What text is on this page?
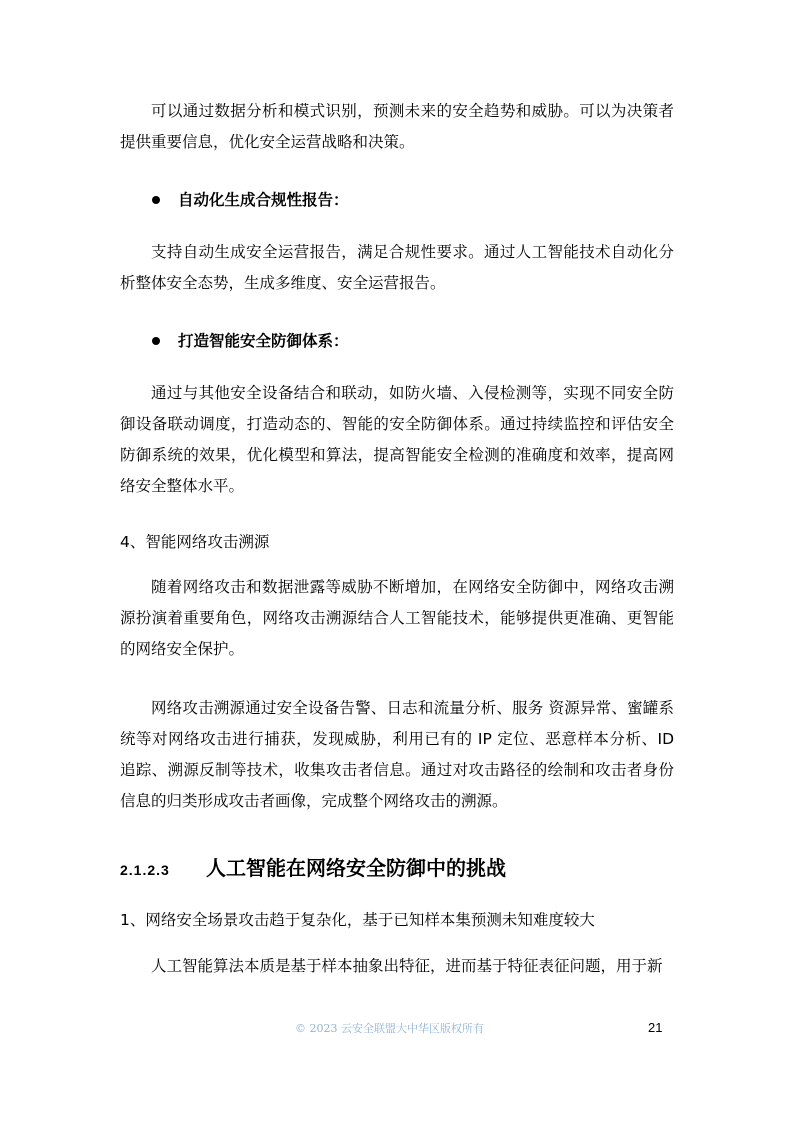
可以通过数据分析和模式识别，预测未来的安全趋势和威胁。可以为决策者提供重要信息，优化安全运营战略和决策。

自动化生成合规性报告：

支持自动生成安全运营报告，满足合规性要求。通过人工智能技术自动化分析整体安全态势，生成多维度、安全运营报告。

打造智能安全防御体系：

通过与其他安全设备结合和联动，如防火墙、入侵检测等，实现不同安全防御设备联动调度，打造动态的、智能的安全防御体系。通过持续监控和评估安全防御系统的效果，优化模型和算法，提高智能安全检测的准确度和效率，提高网络安全整体水平。

4、智能网络攻击溯源

随着网络攻击和数据泄露等威胁不断增加，在网络安全防御中，网络攻击溯源扮演着重要角色，网络攻击溯源结合人工智能技术，能够提供更准确、更智能的网络安全保护。

网络攻击溯源通过安全设备告警、日志和流量分析、服务 资源异常、蜜罐系统等对网络攻击进行捕获，发现威胁，利用已有的 IP 定位、恶意样本分析、ID 追踪、溯源反制等技术，收集攻击者信息。通过对攻击路径的绘制和攻击者身份信息的归类形成攻击者画像，完成整个网络攻击的溯源。

2.1.2.3	人工智能在网络安全防御中的挑战
1、网络安全场景攻击趋于复杂化，基于已知样本集预测未知难度较大

人工智能算法本质是基于样本抽象出特征，进而基于特征表征问题，用于新

© 2023 云安全联盟大中华区版权所有	21
